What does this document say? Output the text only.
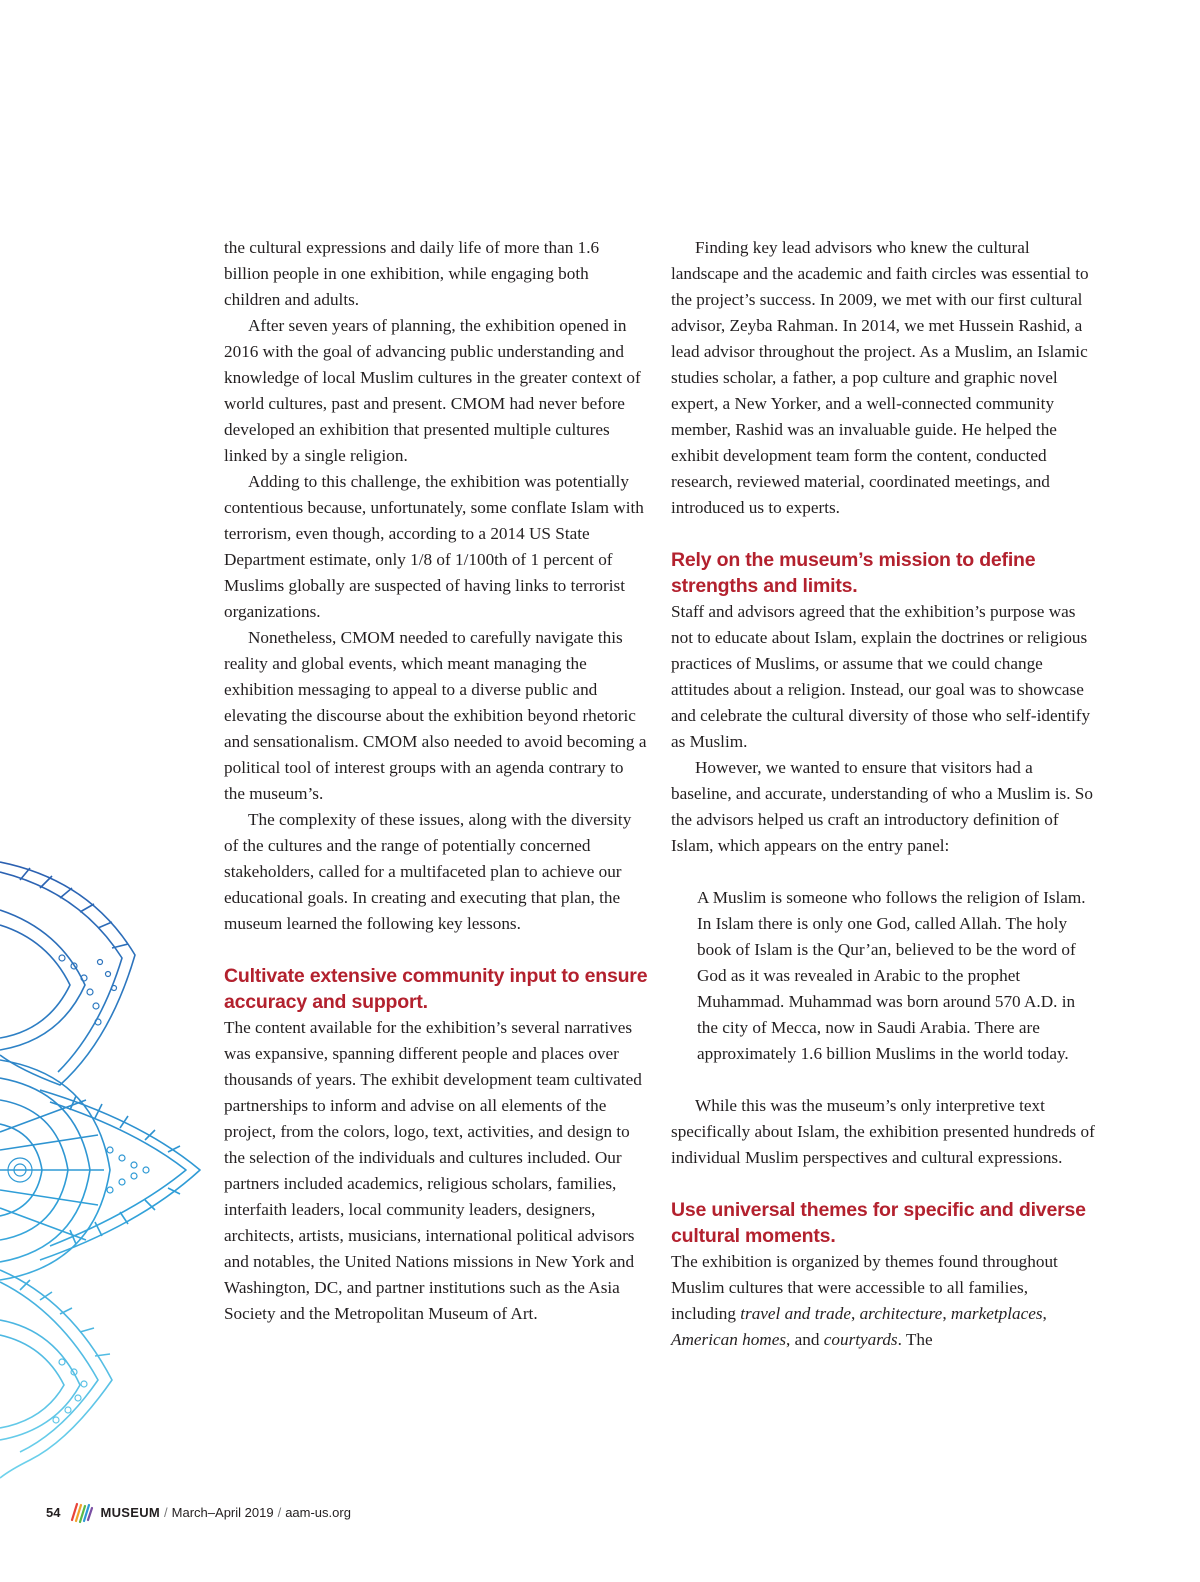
the cultural expressions and daily life of more than 1.6 billion people in one exhibition, while engaging both children and adults.

After seven years of planning, the exhibition opened in 2016 with the goal of advancing public understanding and knowledge of local Muslim cultures in the greater context of world cultures, past and present. CMOM had never before developed an exhibition that presented multiple cultures linked by a single religion.

Adding to this challenge, the exhibition was potentially contentious because, unfortunately, some conflate Islam with terrorism, even though, according to a 2014 US State Department estimate, only 1/8 of 1/100th of 1 percent of Muslims globally are suspected of having links to terrorist organizations.

Nonetheless, CMOM needed to carefully navigate this reality and global events, which meant managing the exhibition messaging to appeal to a diverse public and elevating the discourse about the exhibition beyond rhetoric and sensationalism. CMOM also needed to avoid becoming a political tool of interest groups with an agenda contrary to the museum’s.

The complexity of these issues, along with the diversity of the cultures and the range of potentially concerned stakeholders, called for a multifaceted plan to achieve our educational goals. In creating and executing that plan, the museum learned the following key lessons.

Cultivate extensive community input to ensure accuracy and support.

The content available for the exhibition’s several narratives was expansive, spanning different people and places over thousands of years. The exhibit development team cultivated partnerships to inform and advise on all elements of the project, from the colors, logo, text, activities, and design to the selection of the individuals and cultures included. Our partners included academics, religious scholars, families, interfaith leaders, local community leaders, designers, architects, artists, musicians, international political advisors and notables, the United Nations missions in New York and Washington, DC, and partner institutions such as the Asia Society and the Metropolitan Museum of Art.

Finding key lead advisors who knew the cultural landscape and the academic and faith circles was essential to the project’s success. In 2009, we met with our first cultural advisor, Zeyba Rahman. In 2014, we met Hussein Rashid, a lead advisor throughout the project. As a Muslim, an Islamic studies scholar, a father, a pop culture and graphic novel expert, a New Yorker, and a well-connected community member, Rashid was an invaluable guide. He helped the exhibit development team form the content, conducted research, reviewed material, coordinated meetings, and introduced us to experts.

Rely on the museum’s mission to define strengths and limits.

Staff and advisors agreed that the exhibition’s purpose was not to educate about Islam, explain the doctrines or religious practices of Muslims, or assume that we could change attitudes about a religion. Instead, our goal was to showcase and celebrate the cultural diversity of those who self-identify as Muslim.

However, we wanted to ensure that visitors had a baseline, and accurate, understanding of who a Muslim is. So the advisors helped us craft an introductory definition of Islam, which appears on the entry panel:

A Muslim is someone who follows the religion of Islam. In Islam there is only one God, called Allah. The holy book of Islam is the Qur’an, believed to be the word of God as it was revealed in Arabic to the prophet Muhammad. Muhammad was born around 570 A.D. in the city of Mecca, now in Saudi Arabia. There are approximately 1.6 billion Muslims in the world today.

While this was the museum’s only interpretive text specifically about Islam, the exhibition presented hundreds of individual Muslim perspectives and cultural expressions.

Use universal themes for specific and diverse cultural moments.

The exhibition is organized by themes found throughout Muslim cultures that were accessible to all families, including travel and trade, architecture, marketplaces, American homes, and courtyards. The

54	MUSEUM / March–April 2019 / aam-us.org
